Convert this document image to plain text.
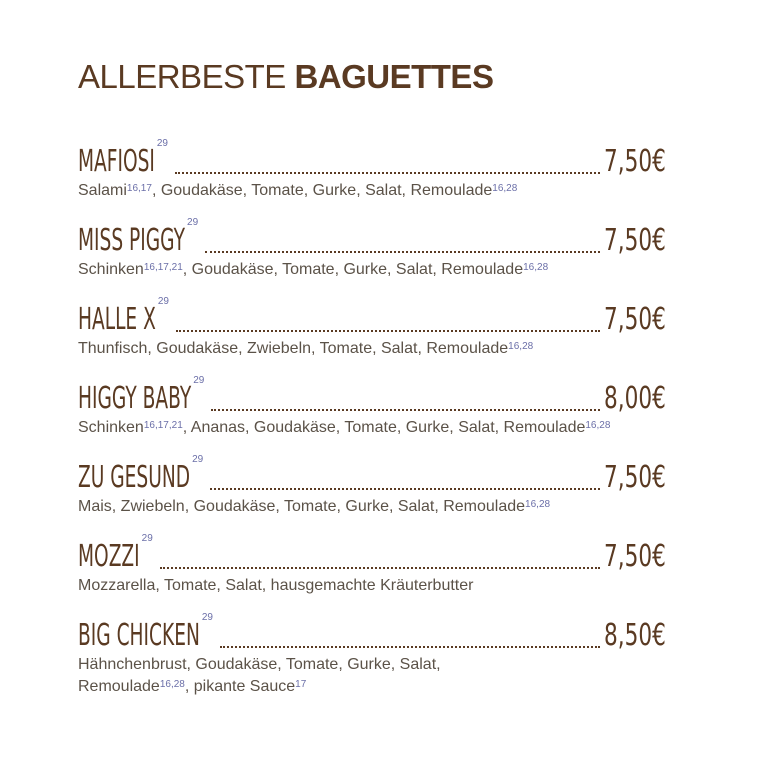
ALLERBESTE BAGUETTES
MAFIOSI	7,50€
29
Salami$^{16,17}$, Goudakäse, Tomate, Gurke, Salat, Remoulade$^{16,28}$
MISS PIGGY	7,50€
29
Schinken$^{16,17,21}$, Goudakäse, Tomate, Gurke, Salat, Remoulade$^{16,28}$
HALLE X	7,50€
29
Thunfisch, Goudakäse, Zwiebeln, Tomate, Salat, Remoulade$^{16,28}$
HIGGY BABY	8,00€
29
Schinken$^{16,17,21}$, Ananas, Goudakäse, Tomate, Gurke, Salat, Remoulade$^{16,28}$
ZU GESUND	7,50€
29
Mais, Zwiebeln, Goudakäse, Tomate, Gurke, Salat, Remoulade$^{16,28}$
MOZZI	7,50€
29
Mozzarella, Tomate, Salat, hausgemachte Kräuterbutter
BIG CHICKEN	8,50€
29
Hähnchenbrust, Goudakäse, Tomate, Gurke, Salat,
Remoulade$^{16,28}$, pikante Sauce$^{17}$
